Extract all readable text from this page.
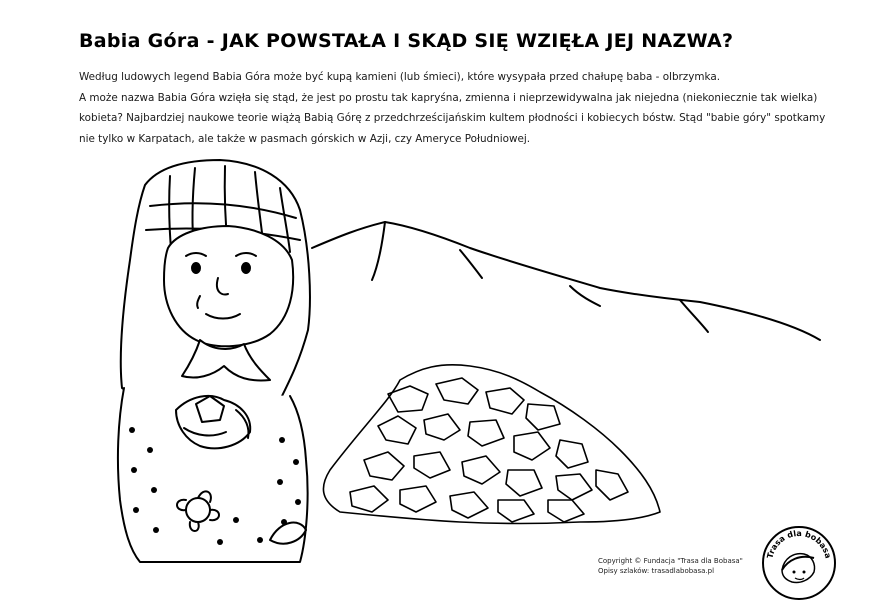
Babia Góra - JAK POWSTAŁA I SKĄD SIĘ WZIĘŁA JEJ NAZWA?

Według ludowych legend Babia Góra może być kupą kamieni (lub śmieci), które wysypała przed chałupę baba - olbrzymka.

A może nazwa Babia Góra wzięła się stąd, że jest po prostu tak kapryśna, zmienna i nieprzewidywalna jak niejedna (niekoniecznie tak wielka) kobieta? Najbardziej naukowe teorie wiążą Babią Górę z przedchrześcijańskim kultem płodności i kobiecych bóstw. Stąd "babie góry" spotkamy nie tylko w Karpatach, ale także w pasmach górskich w Azji, czy Ameryce Południowej.

Copyright © Fundacja "Trasa dla Bobasa"
Opisy szlaków: trasadlabobasa.pl
Trasa dla bobasa
